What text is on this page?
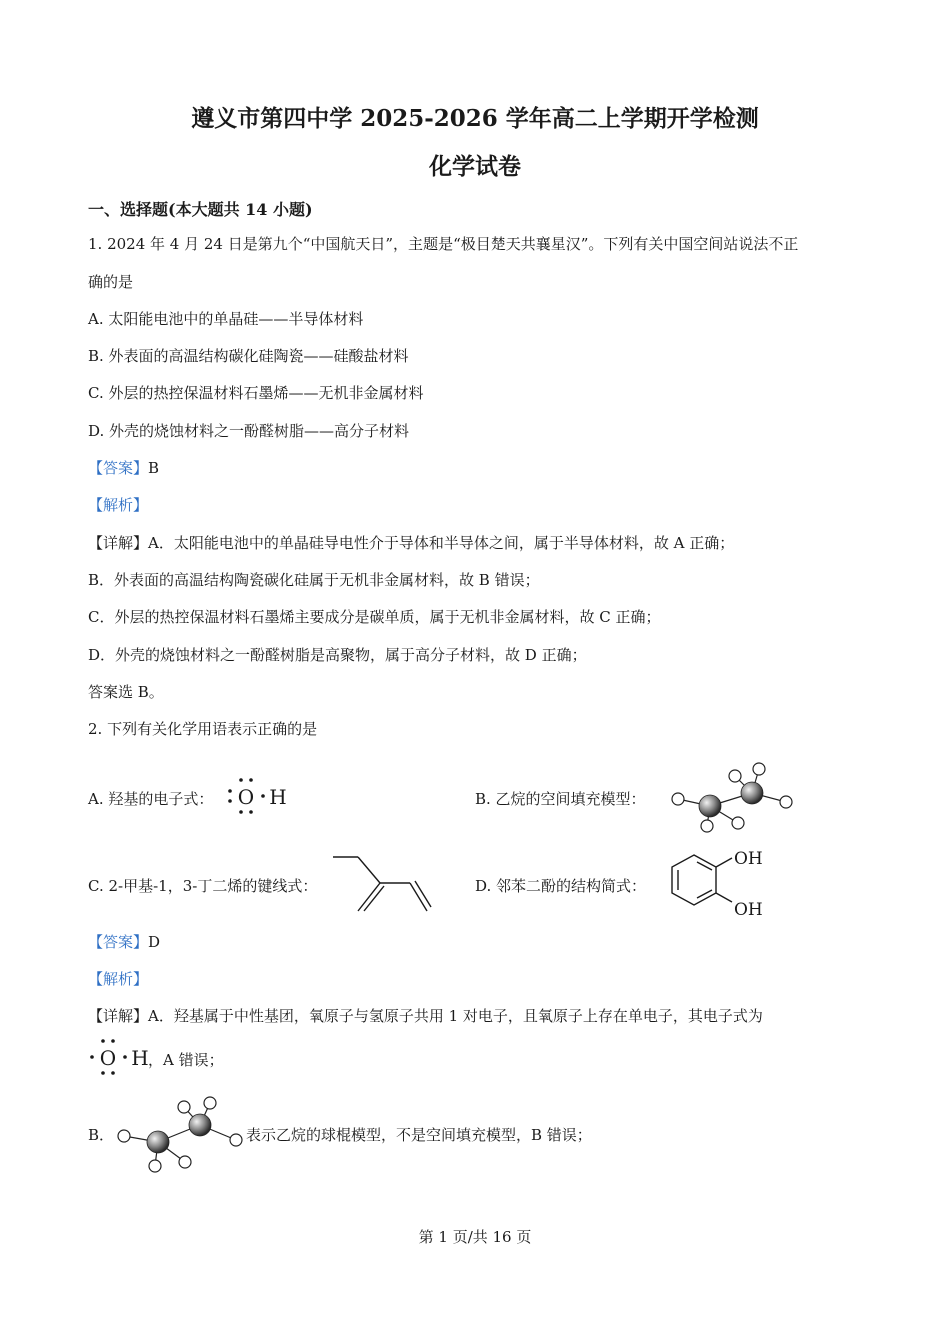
遵义市第四中学 2025-2026 学年高二上学期开学检测
化学试卷
一、选择题(本大题共 14 小题)
1. 2024 年 4 月 24 日是第九个“中国航天日”，主题是“极目楚天共襄星汉”。下列有关中国空间站说法不正
确的是
A. 太阳能电池中的单晶硅——半导体材料
B. 外表面的高温结构碳化硅陶瓷——硅酸盐材料
C. 外层的热控保温材料石墨烯——无机非金属材料
D. 外壳的烧蚀材料之一酚醛树脂——高分子材料
【答案】B
【解析】
【详解】A．太阳能电池中的单晶硅导电性介于导体和半导体之间，属于半导体材料，故 A 正确；
B．外表面的高温结构陶瓷碳化硅属于无机非金属材料，故 B 错误；
C．外层的热控保温材料石墨烯主要成分是碳单质，属于无机非金属材料，故 C 正确；
D．外壳的烧蚀材料之一酚醛树脂是高聚物，属于高分子材料，故 D 正确；
答案选 B。
2. 下列有关化学用语表示正确的是
A. 羟基的电子式： O H	B. 乙烷的空间填充模型：
C. 2-甲基-1，3-丁二烯的键线式：	D. 邻苯二酚的结构简式：
OH
OH
【答案】D
【解析】
【详解】A．羟基属于中性基团，氧原子与氢原子共用 1 对电子，且氧原子上存在单电子，其电子式为
O H ，A 错误；
B．	表示乙烷的球棍模型，不是空间填充模型，B 错误；
第 1 页/共 16 页
